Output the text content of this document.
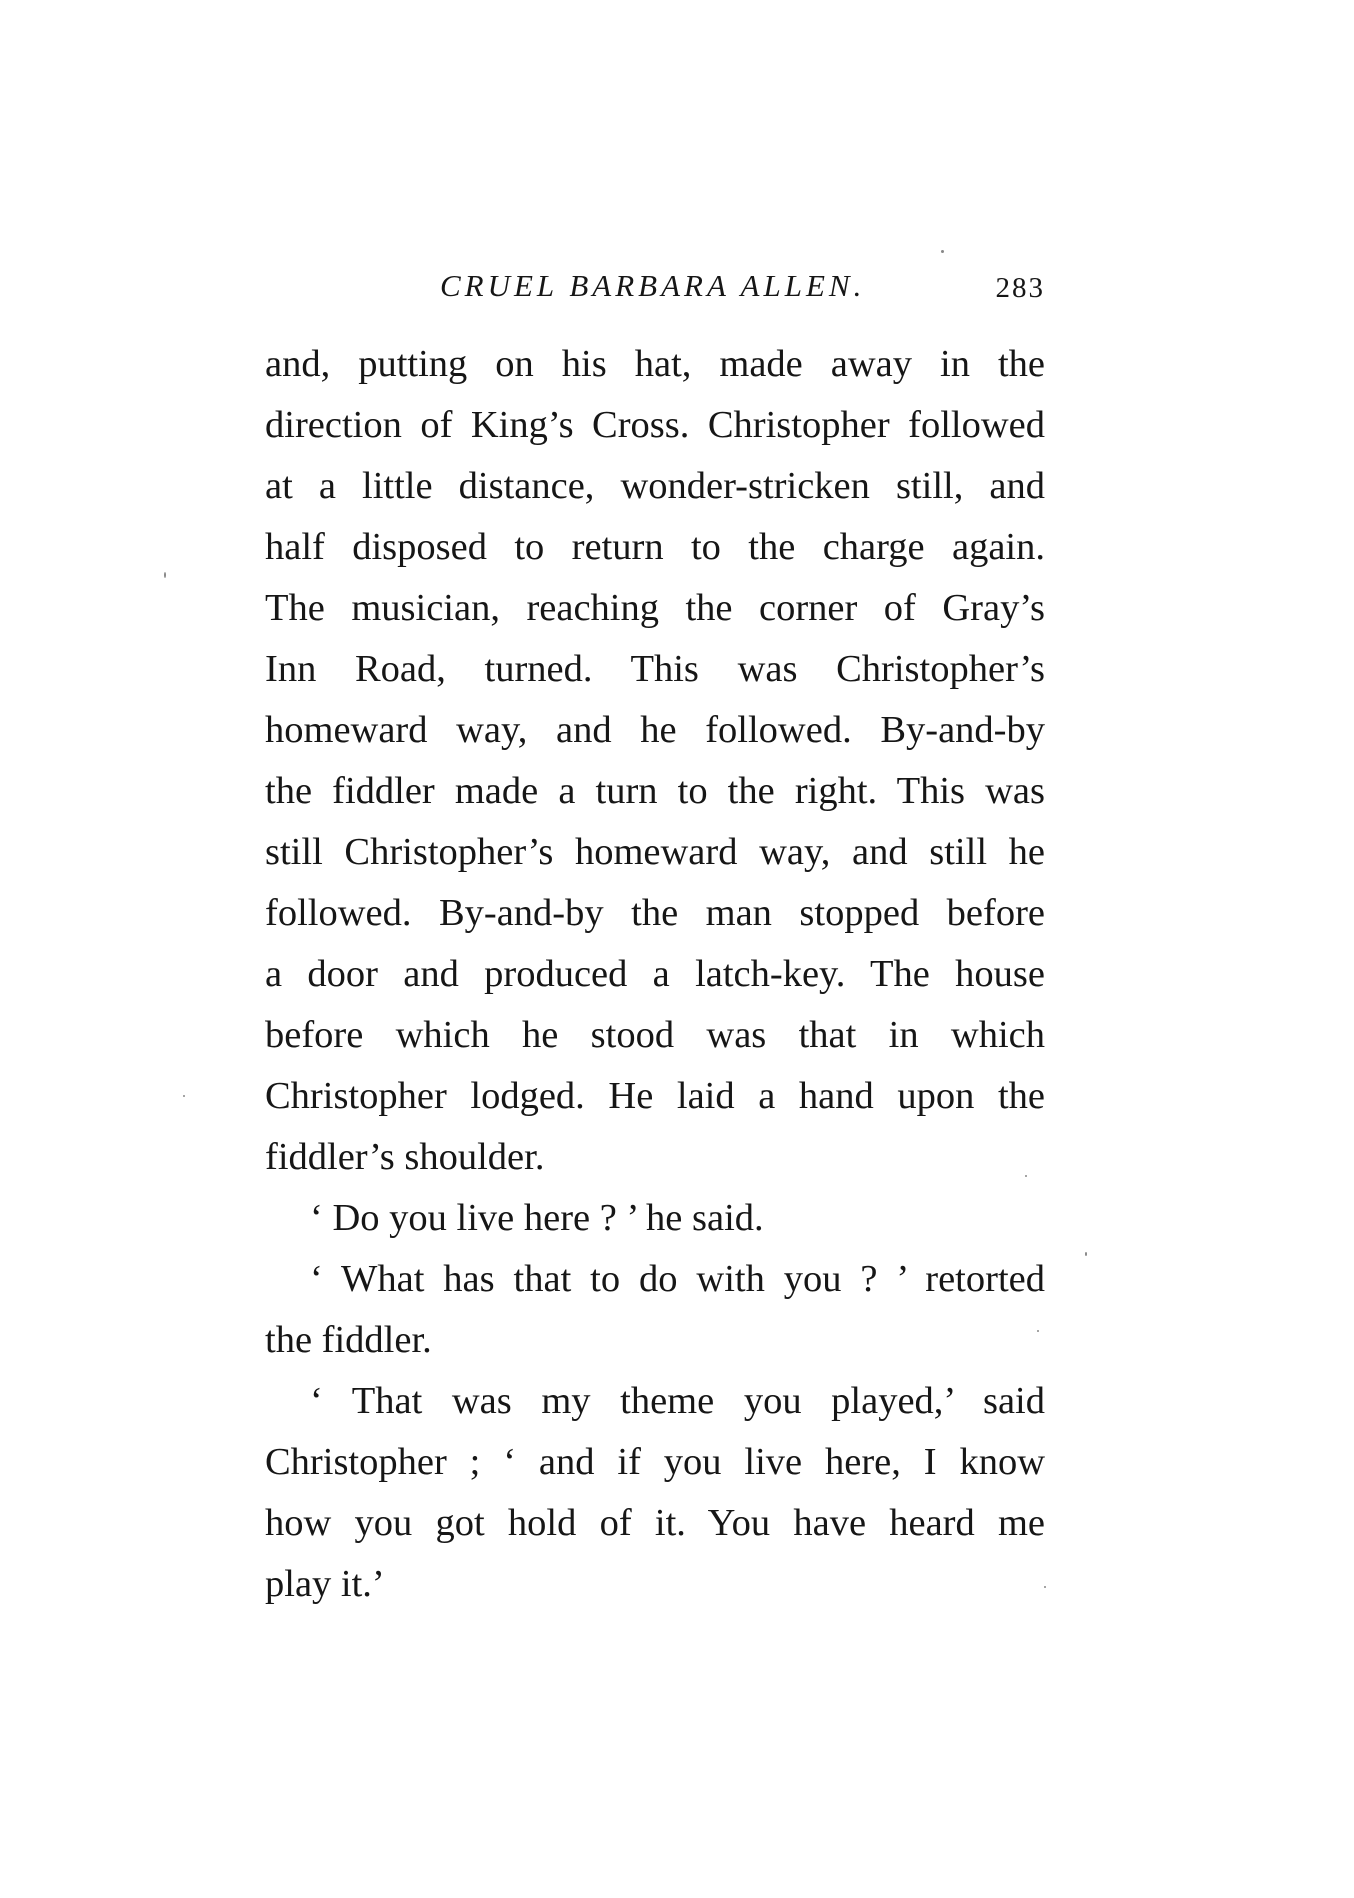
CRUEL BARBARA ALLEN.	283
and, putting on his hat, made away in the
direction of King’s Cross. Christopher followed
at a little distance, wonder-stricken still, and
half disposed to return to the charge again.
The musician, reaching the corner of Gray’s
Inn Road, turned. This was Christopher’s
homeward way, and he followed. By-and-by
the fiddler made a turn to the right. This was
still Christopher’s homeward way, and still he
followed. By-and-by the man stopped before
a door and produced a latch-key. The house
before which he stood was that in which
Christopher lodged. He laid a hand upon the
fiddler’s shoulder.
‘ Do you live here ? ’ he said.
‘ What has that to do with you ? ’ retorted
the fiddler.
‘ That was my theme you played,’ said
Christopher ; ‘ and if you live here, I know
how you got hold of it. You have heard me
play it.’
